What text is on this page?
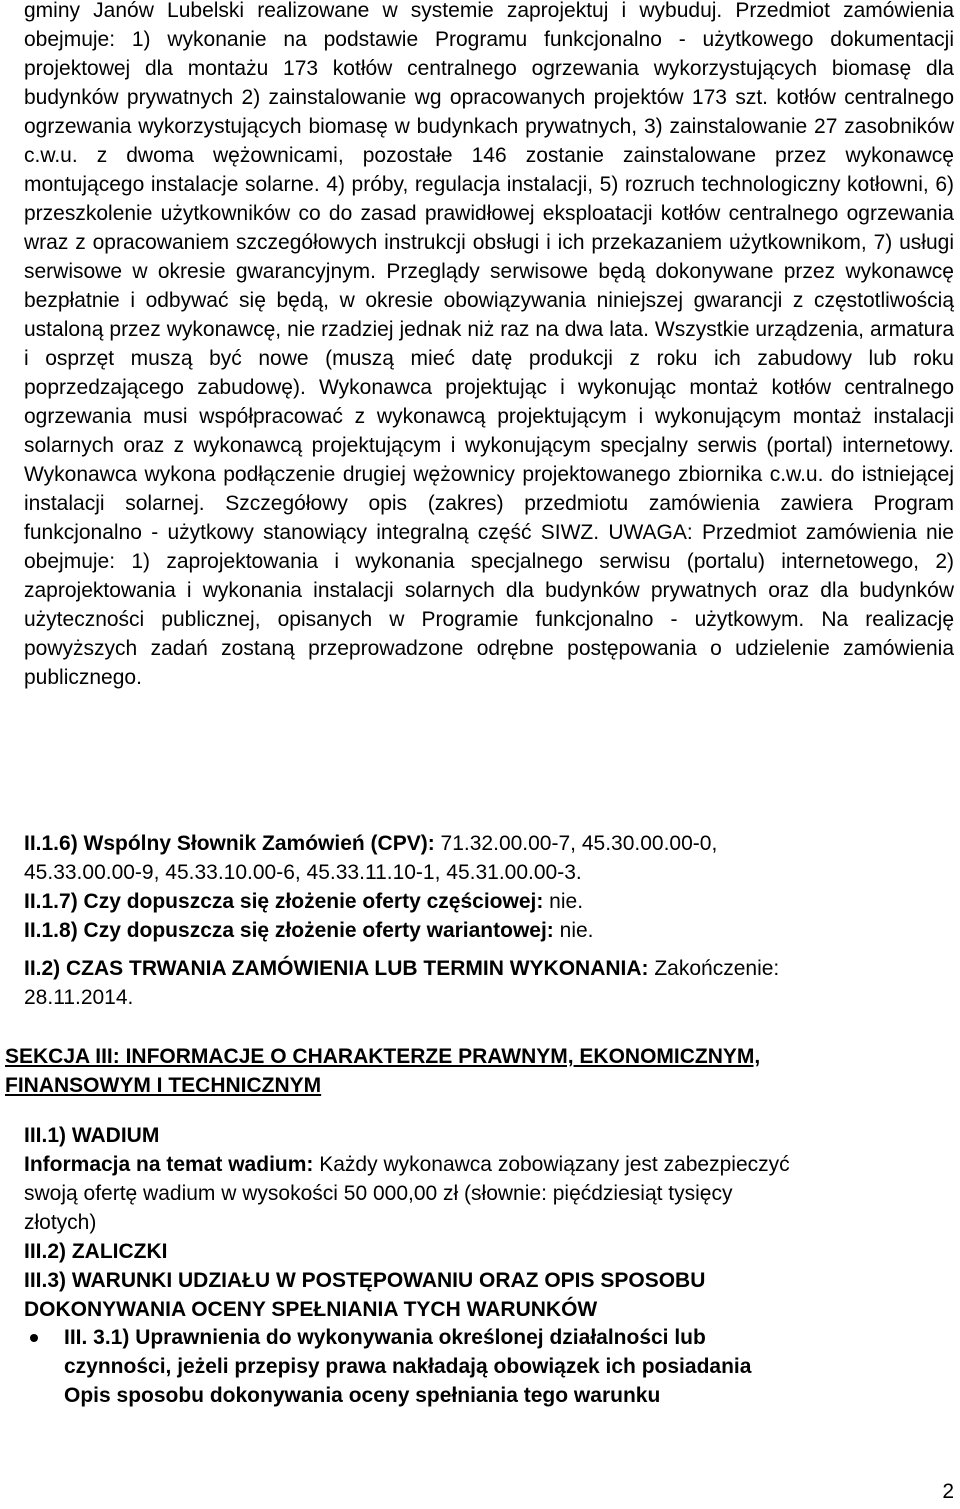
gminy Janów Lubelski realizowane w systemie zaprojektuj i wybuduj. Przedmiot zamówienia obejmuje: 1) wykonanie na podstawie Programu funkcjonalno - użytkowego dokumentacji projektowej dla montażu 173 kotłów centralnego ogrzewania wykorzystujących biomasę dla budynków prywatnych 2) zainstalowanie wg opracowanych projektów 173 szt. kotłów centralnego ogrzewania wykorzystujących biomasę w budynkach prywatnych, 3) zainstalowanie 27 zasobników c.w.u. z dwoma wężownicami, pozostałe 146 zostanie zainstalowane przez wykonawcę montującego instalacje solarne. 4) próby, regulacja instalacji, 5) rozruch technologiczny kotłowni, 6) przeszkolenie użytkowników co do zasad prawidłowej eksploatacji kotłów centralnego ogrzewania wraz z opracowaniem szczegółowych instrukcji obsługi i ich przekazaniem użytkownikom, 7) usługi serwisowe w okresie gwarancyjnym. Przeglądy serwisowe będą dokonywane przez wykonawcę bezpłatnie i odbywać się będą, w okresie obowiązywania niniejszej gwarancji z częstotliwością ustaloną przez wykonawcę, nie rzadziej jednak niż raz na dwa lata. Wszystkie urządzenia, armatura i osprzęt muszą być nowe (muszą mieć datę produkcji z roku ich zabudowy lub roku poprzedzającego zabudowę). Wykonawca projektując i wykonując montaż kotłów centralnego ogrzewania musi współpracować z wykonawcą projektującym i wykonującym montaż instalacji solarnych oraz z wykonawcą projektującym i wykonującym specjalny serwis (portal) internetowy. Wykonawca wykona podłączenie drugiej wężownicy projektowanego zbiornika c.w.u. do istniejącej instalacji solarnej. Szczegółowy opis (zakres) przedmiotu zamówienia zawiera Program funkcjonalno - użytkowy stanowiący integralną część SIWZ. UWAGA: Przedmiot zamówienia nie obejmuje: 1) zaprojektowania i wykonania specjalnego serwisu (portalu) internetowego, 2) zaprojektowania i wykonania instalacji solarnych dla budynków prywatnych oraz dla budynków użyteczności publicznej, opisanych w Programie funkcjonalno - użytkowym. Na realizację powyższych zadań zostaną przeprowadzone odrębne postępowania o udzielenie zamówienia publicznego.

II.1.6) Wspólny Słownik Zamówień (CPV): 71.32.00.00-7, 45.30.00.00-0,

45.33.00.00-9, 45.33.10.00-6, 45.33.11.10-1, 45.31.00.00-3.

II.1.7) Czy dopuszcza się złożenie oferty częściowej: nie.

II.1.8) Czy dopuszcza się złożenie oferty wariantowej: nie.

II.2) CZAS TRWANIA ZAMÓWIENIA LUB TERMIN WYKONANIA: Zakończenie:

28.11.2014.

SEKCJA III: INFORMACJE O CHARAKTERZE PRAWNYM, EKONOMICZNYM,
FINANSOWYM I TECHNICZNYM

III.1) WADIUM

Informacja na temat wadium: Każdy wykonawca zobowiązany jest zabezpieczyć

swoją ofertę wadium w wysokości 50 000,00 zł (słownie: pięćdziesiąt tysięcy

złotych)

III.2) ZALICZKI

III.3) WARUNKI UDZIAŁU W POSTĘPOWANIU ORAZ OPIS SPOSOBU

DOKONYWANIA OCENY SPEŁNIANIA TYCH WARUNKÓW

III. 3.1) Uprawnienia do wykonywania określonej działalności lub
czynności, jeżeli przepisy prawa nakładają obowiązek ich posiadania
Opis sposobu dokonywania oceny spełniania tego warunku
2
